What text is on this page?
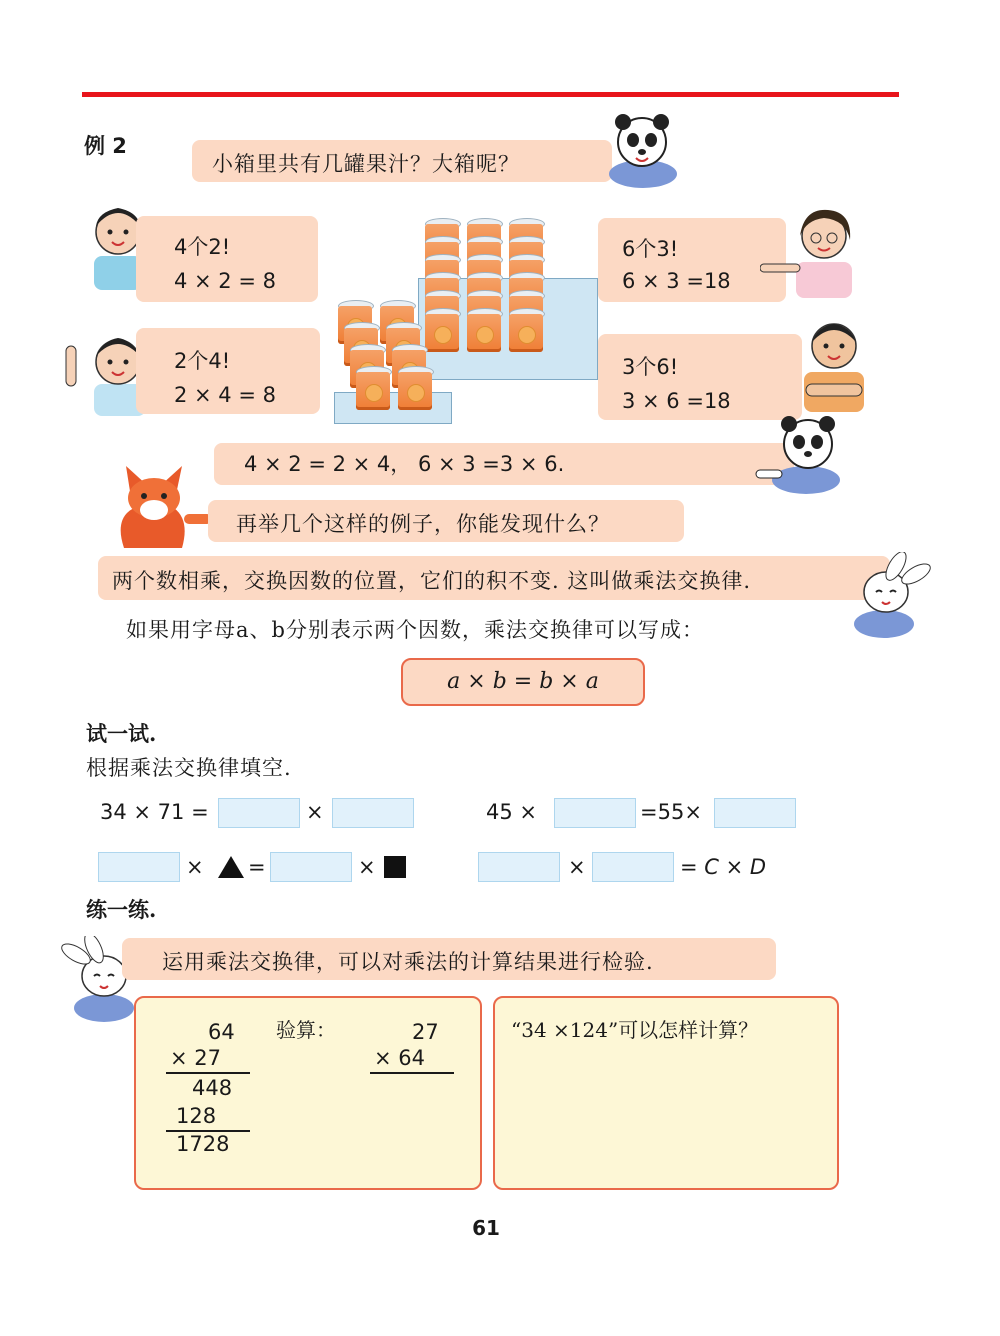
例 2
小箱里共有几罐果汁？大箱呢？
4个2!
4 × 2 = 8
2个4!
2 × 4 = 8
6个3!
6 × 3 =18
3个6!
3 × 6 =18
4 × 2 = 2 × 4， 6 × 3 =3 × 6.
再举几个这样的例子，你能发现什么？
两个数相乘，交换因数的位置，它们的积不变. 这叫做乘法交换律.
如果用字母a、b分别表示两个因数，乘法交换律可以写成：
a × b = b × a
试一试.
根据乘法交换律填空.
34 × 71 =	×	45 ×	=55×
× =	×	×	= C × D
练一练.
运用乘法交换律，可以对乘法的计算结果进行检验.
64
× 27
448
128
1728
验算：	27
× 64
“34 ×124”可以怎样计算？
61
